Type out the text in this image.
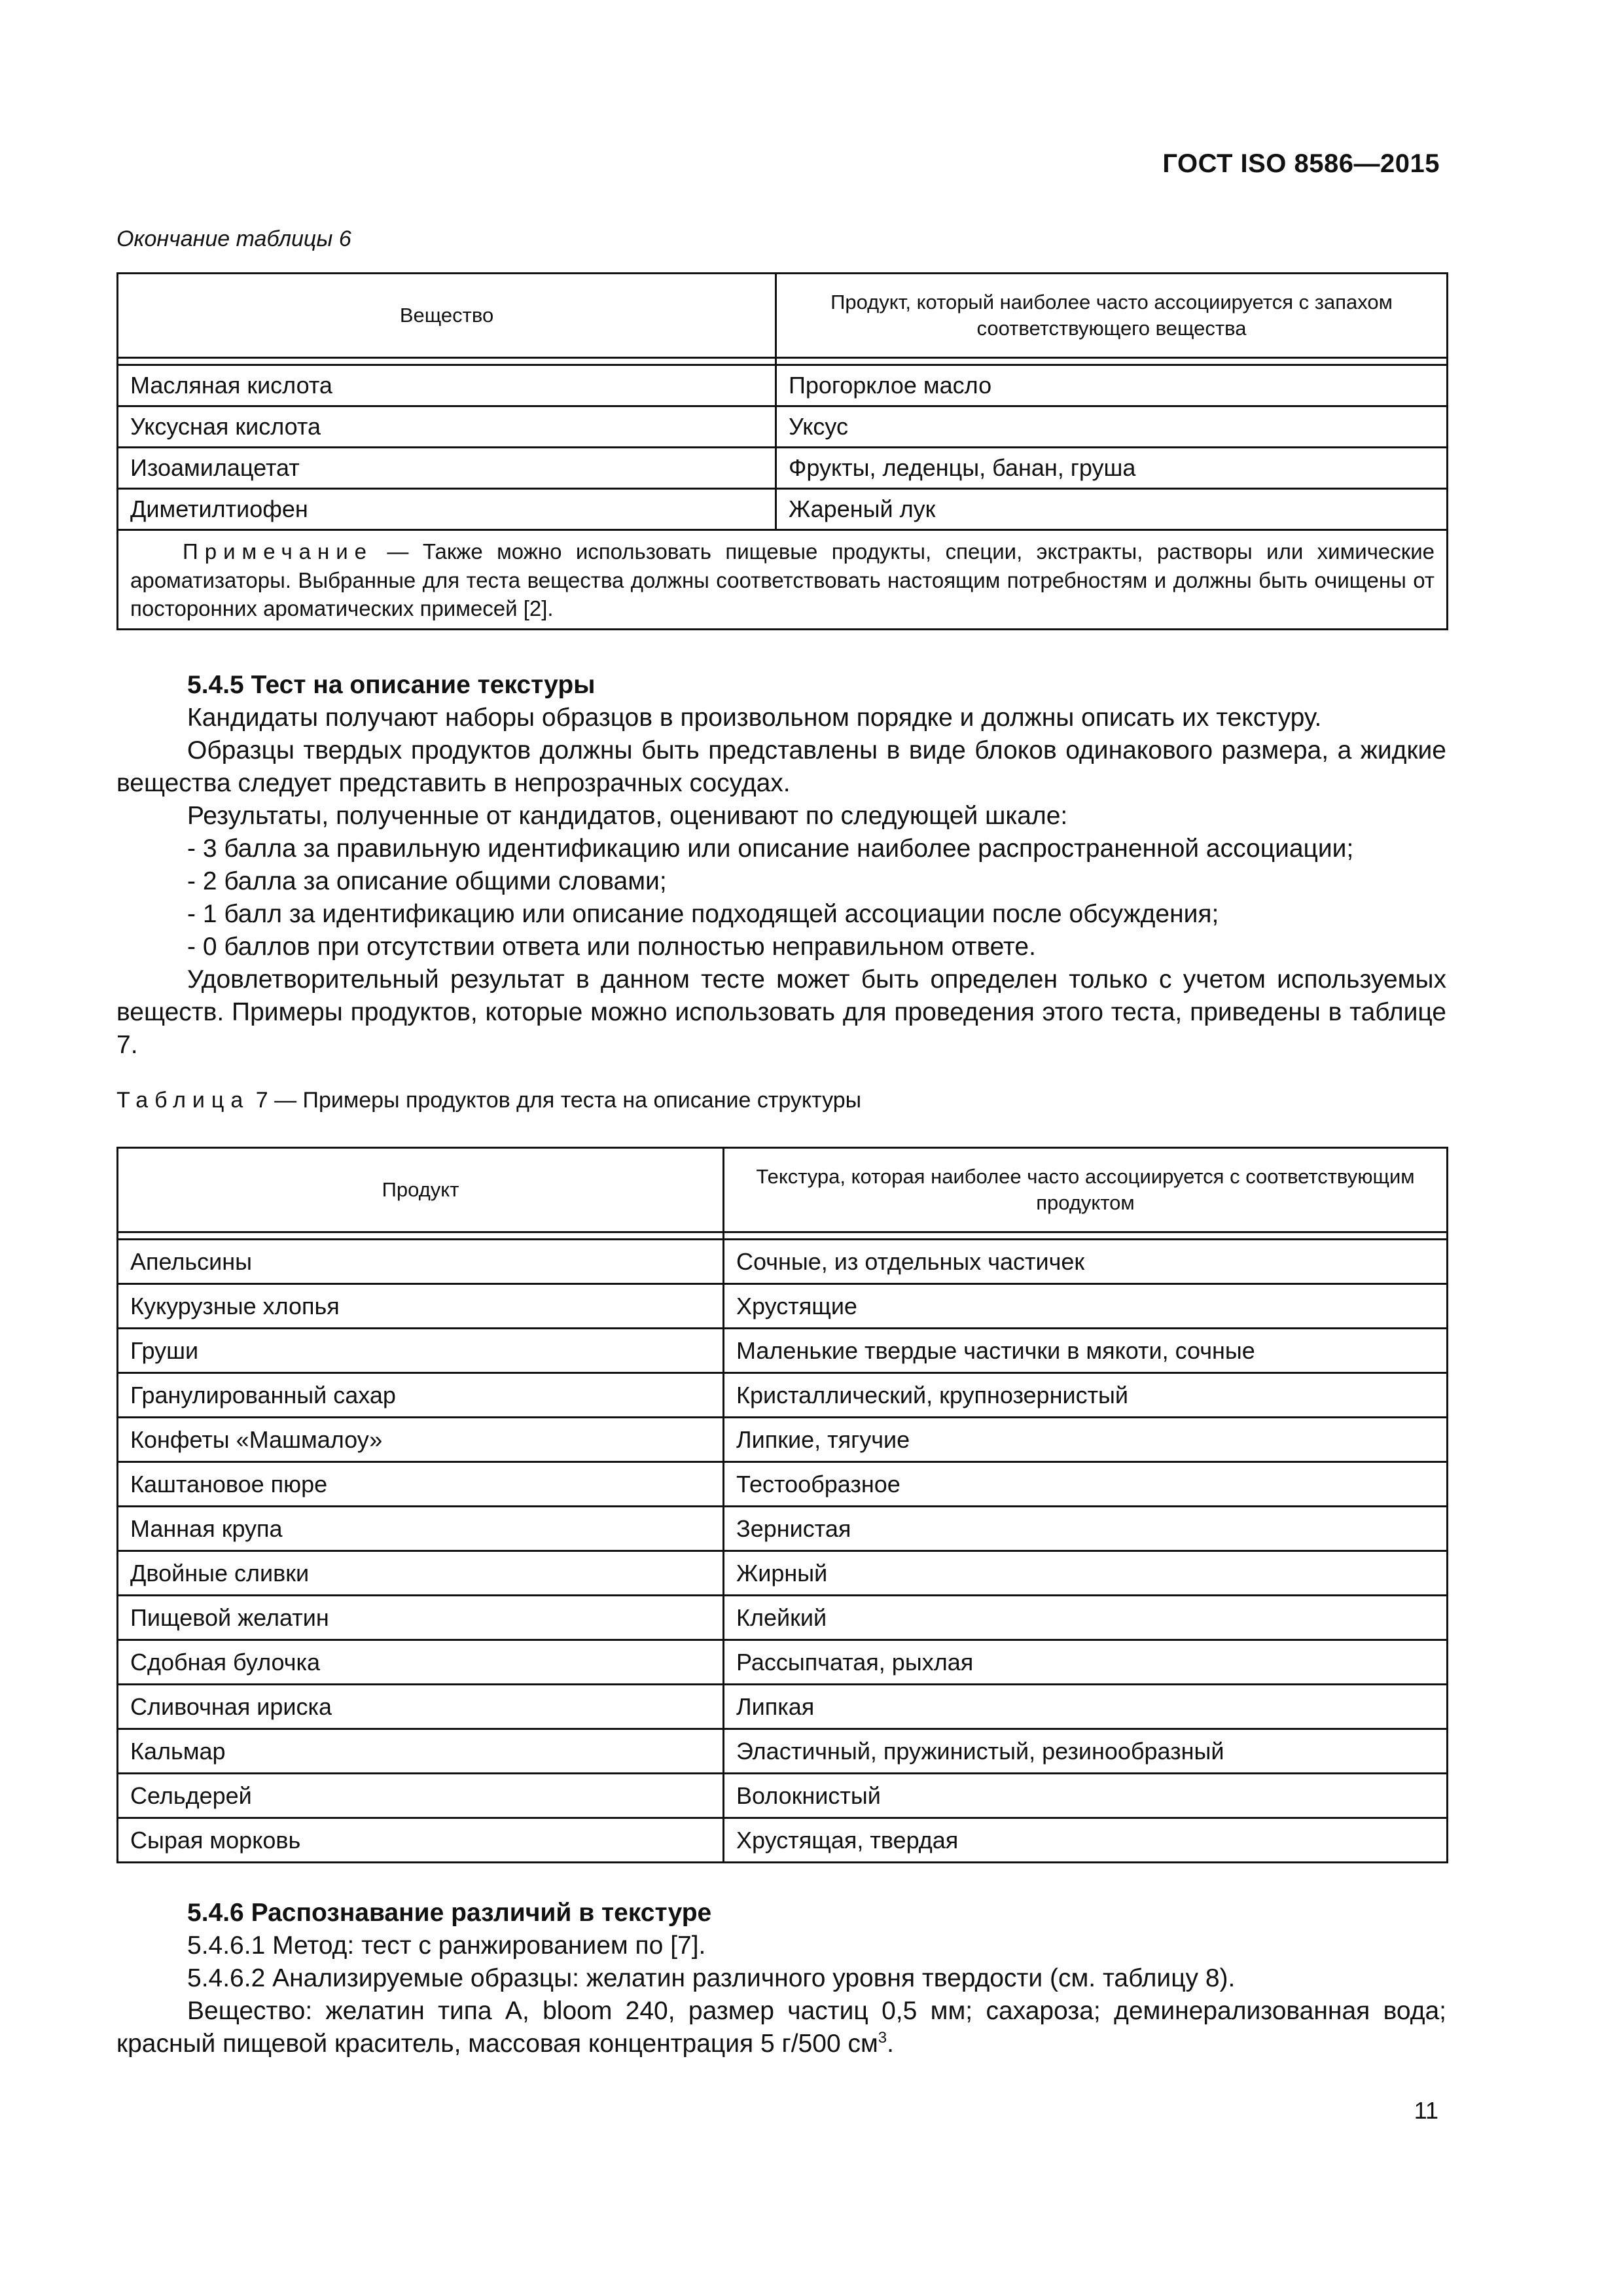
ГОСТ ISO 8586—2015
Окончание таблицы 6
Вещество	Продукт, который наиболее часто ассоциируется с запахом соответствующего вещества

Масляная кислота	Прогорклое масло
Уксусная кислота	Уксус
Изоамилацетат	Фрукты, леденцы, банан, груша
Диметилтиофен	Жареный лук
Примечание — Также можно использовать пищевые продукты, специи, экстракты, растворы или химические ароматизаторы. Выбранные для теста вещества должны соответствовать настоящим потребностям и должны быть очищены от посторонних ароматических примесей [2].	
5.4.5 Тест на описание текстуры

Кандидаты получают наборы образцов в произвольном порядке и должны описать их текстуру.

Образцы твердых продуктов должны быть представлены в виде блоков одинакового размера, а жидкие вещества следует представить в непрозрачных сосудах.

Результаты, полученные от кандидатов, оценивают по следующей шкале:

- 3 балла за правильную идентификацию или описание наиболее распространенной ассоциации;

- 2 балла за описание общими словами;

- 1 балл за идентификацию или описание подходящей ассоциации после обсуждения;

- 0 баллов при отсутствии ответа или полностью неправильном ответе.

Удовлетворительный результат в данном тесте может быть определен только с учетом используемых веществ. Примеры продуктов, которые можно использовать для проведения этого теста, приведены в таблице 7.

Таблица 7 — Примеры продуктов для теста на описание структуры
Продукт	Текстура, которая наиболее часто ассоциируется с соответствующим продуктом

Апельсины	Сочные, из отдельных частичек
Кукурузные хлопья	Хрустящие
Груши	Маленькие твердые частички в мякоти, сочные
Гранулированный сахар	Кристаллический, крупнозернистый
Конфеты «Машмалоу»	Липкие, тягучие
Каштановое пюре	Тестообразное
Манная крупа	Зернистая
Двойные сливки	Жирный
Пищевой желатин	Клейкий
Сдобная булочка	Рассыпчатая, рыхлая
Сливочная ириска	Липкая
Кальмар	Эластичный, пружинистый, резинообразный
Сельдерей	Волокнистый
Сырая морковь	Хрустящая, твердая
5.4.6 Распознавание различий в текстуре

5.4.6.1 Метод: тест с ранжированием по [7].

5.4.6.2 Анализируемые образцы: желатин различного уровня твердости (см. таблицу 8).

Вещество: желатин типа A, bloom 240, размер частиц 0,5 мм; сахароза; деминерализованная вода; красный пищевой краситель, массовая концентрация 5 г/500 $см^3$.

11
